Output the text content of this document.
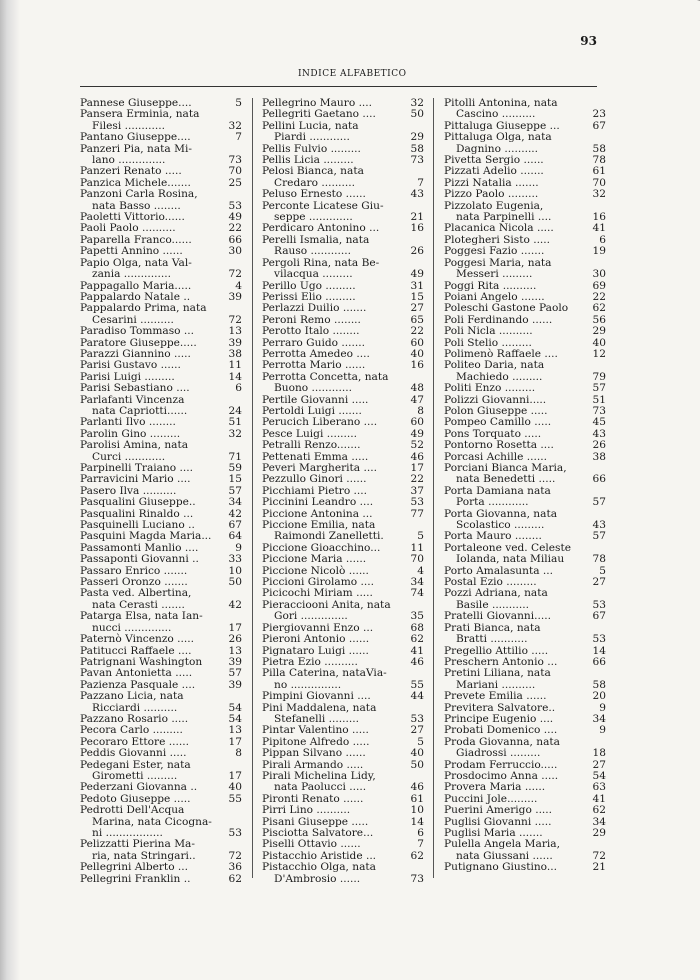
93
INDICE ALFABETICO
Pannese Giuseppe....	5
Pansera Erminia, nata
Filesi ............	32
Pantano Giuseppe....	7
Panzeri Pia, nata Mi-
lano ..............	73
Panzeri Renato .....	70
Panzica Michele.......	25
Panzoni Carla Rosina,
nata Basso ........	53
Paoletti Vittorio......	49
Paoli Paolo ..........	22
Paparella Franco......	66
Papetti Annino ......	30
Papio Olga, nata Val-
zania ..............	72
Pappagallo Maria.....	4
Pappalardo Natale ..	39
Pappalardo Prima, nata
Cesarini ..........	72
Paradiso Tommaso ...	13
Paratore Giuseppe.....	39
Parazzi Giannino .....	38
Parisi Gustavo ......	11
Parisi Luigi .........	14
Parisi Sebastiano ....	6
Parlafanti Vincenza
nata Capriotti......	24
Parlanti Ilvo ........	51
Parolin Gino .........	32
Parolisi Amina, nata
Curci ............	71
Parpinelli Traiano ....	59
Parravicini Mario ....	15
Pasero Ilva ..........	57
Pasqualini Giuseppe..	34
Pasqualini Rinaldo ...	42
Pasquinelli Luciano ..	67
Pasquini Magda Maria... 64
Passamonti Manlio ....	9
Passaponti Giovanni ..	33
Passaro Enrico .......	10
Passeri Oronzo .......	50
Pasta ved. Albertina,
nata Cerasti .......	42
Patarga Elsa, nata Ian-
nucci ..............	17
Paternò Vincenzo .....	26
Patitucci Raffaele ....	13
Patrignani Washington 39
Pavan Antonietta .....	57
Pazienza Pasquale ....	39
Pazzano Licia, nata
Ricciardi ..........	54
Pazzano Rosario .....	54
Pecora Carlo .........	13
Pecoraro Ettore ......	17
Peddis Giovanni .....	8
Pedegani Ester, nata
Girometti .........	17
Pederzani Giovanna ..	40
Pedoto Giuseppe .....	55
Pedrotti Dell'Acqua
Marina, nata Cicogna-
ni .................	53
Pelizzatti Pierina Ma-
ria, nata Stringari..	72
Pellegrini Alberto ...	36
Pellegrini Franklin ..	62
Pellegrino Mauro ....	32
Pellegriti Gaetano ....	50
Pellini Lucia, nata
Piardi ............	29
Pellis Fulvio .........	58
Pellis Licia .........	73
Pelosi Bianca, nata
Credaro ..........	7
Peluso Ernesto ......	43
Perconte Licatese Giu-
seppe .............	21
Perdicaro Antonino ...	16
Perelli Ismalia, nata
Rauso ............	26
Pergoli Rina, nata Be-
vilacqua .........	49
Perillo Ugo .........	31
Perissi Elio .........	15
Perlazzi Duilio .......	27
Peroni Remo ........	65
Perotto Italo ........	22
Perraro Guido .......	60
Perrotta Amedeo ....	40
Perrotta Mario ......	16
Perrotta Concetta, nata
Buono ............	48
Pertile Giovanni .....	47
Pertoldi Luigi .......	8
Perucich Liberano ....	60
Pesce Luigi .........	49
Petralli Renzo.......	52
Pettenati Emma .....	46
Peveri Margherita ....	17
Pezzullo Ginori ......	22
Picchiami Pietro ....	37
Piccinini Leandro ....	53
Piccione Antonina ...	77
Piccione Emilia, nata
Raimondi Zanelletti.	5
Piccione Gioacchino...	11
Piccione Maria ......	70
Piccione Nicolò ......	4
Piccioni Girolamo ....	34
Picicochi Miriam .....	74
Pieracciooni Anita, nata
Gori ..............	35
Piergiovanni Enzo ...	68
Pieroni Antonio ......	62
Pignataro Luigi ......	41
Pietra Ezio ..........	46
Pilla Caterina, nataVia-
no ...............	55
Pimpini Giovanni ....	44
Pini Maddalena, nata
Stefanelli .........	53
Pintar Valentino .....	27
Pipitone Alfredo .....	5
Pippan Silvano ......	40
Pirali Armando .....	50
Pirali Michelina Lidy,
nata Paolucci .....	46
Pironti Renato ......	61
Pirri Lino ..........	10
Pisani Giuseppe .....	14
Pisciotta Salvatore...	6
Piselli Ottavio ......	7
Pistacchio Aristide ...	62
Pistacchio Olga, nata
D'Ambrosio ......	73
Pitolli Antonina, nata
Cascino ..........	23
Pittaluga Giuseppe ...	67
Pittaluga Olga, nata
Dagnino ..........	58
Pivetta Sergio ......	78
Pizzati Adelio .......	61
Pizzi Natalia .......	70
Pizzo Paolo .........	32
Pizzolato Eugenia,
nata Parpinelli ....	16
Placanica Nicola .....	41
Plotegheri Sisto .....	6
Poggesi Fazio .......	19
Poggesi Maria, nata
Messeri .........	30
Poggi Rita ..........	69
Poiani Angelo .......	22
Poleschi Gastone Paolo 62
Poli Ferdinando ......	56
Poli Nicla ..........	29
Poli Stelio .........	40
Polimenò Raffaele ....	12
Politeo Daria, nata
Machiedo .........	79
Politi Enzo .........	57
Polizzi Giovanni.....	51
Polon Giuseppe .....	73
Pompeo Camillo .....	45
Pons Torquato .....	43
Pontorno Rosetta ....	26
Porcasi Achille ......	38
Porciani Bianca Maria,
nata Benedetti .....	66
Porta Damiana nata
Porta ............	57
Porta Giovanna, nata
Scolastico .........	43
Porta Mauro ........	57
Portaleone ved. Celeste
Iolanda, nata Miliau	78
Porto Amalasunta ...	5
Postal Ezio .........	27
Pozzi Adriana, nata
Basile ...........	53
Pratelli Giovanni.....	67
Prati Bianca, nata
Bratti ...........	53
Pregellio Attilio .....	14
Preschern Antonio ...	66
Pretini Liliana, nata
Mariani ..........	58
Prevete Emilia ......	20
Previtera Salvatore..	9
Principe Eugenio ....	34
Probati Domenico ....	9
Proda Giovanna, nata
Giadrossi .........	18
Prodam Ferruccio.....	27
Prosdocimo Anna .....	54
Provera Maria ......	63
Puccini Jole.........	41
Puerini Amerigo .....	62
Puglisi Giovanni .....	34
Puglisi Maria .......	29
Pulella Angela Maria,
nata Giussani ......	72
Putignano Giustino...	21
